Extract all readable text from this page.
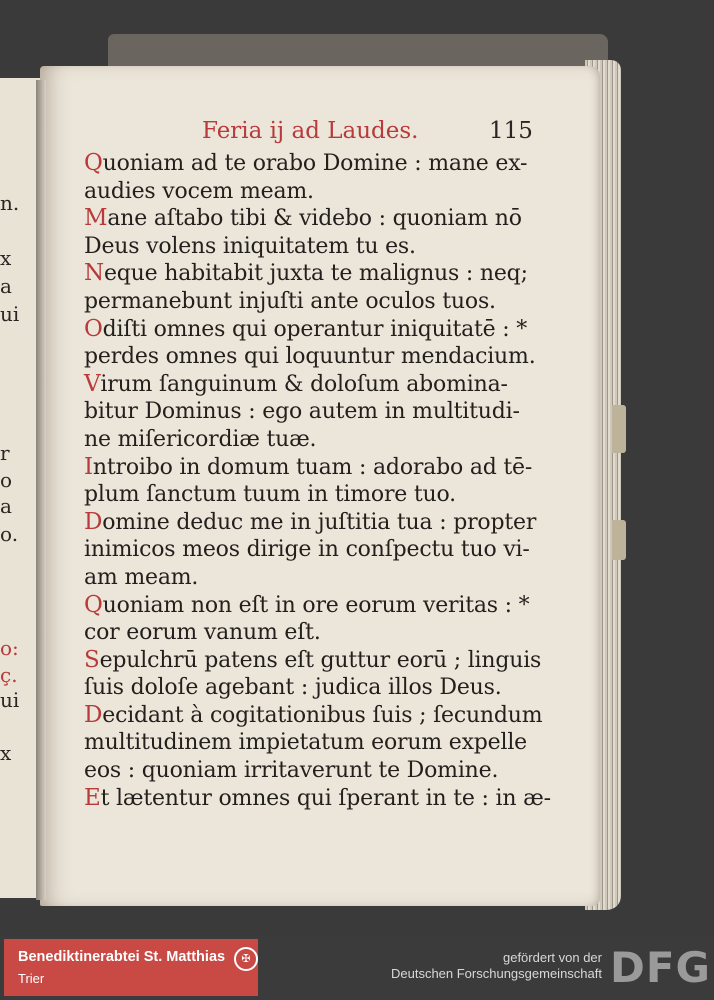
n.
x
a
ui
r
o
a
o.
o:
ç.
ui
x
Feria ij ad Laudes.	115
Quoniam ad te orabo Domine : mane ex-
audies vocem meam.
Mane aſtabo tibi & videbo : quoniam nō
Deus volens iniquitatem tu es.
Neque habitabit juxta te malignus : neq;
permanebunt injuſti ante oculos tuos.
Odiſti omnes qui operantur iniquitatē : *
perdes omnes qui loquuntur mendacium.
Virum ſanguinum & doloſum abomina-
bitur Dominus : ego autem in multitudi-
ne miſericordiæ tuæ.
Introibo in domum tuam : adorabo ad tē-
plum ſanctum tuum in timore tuo.
Domine deduc me in juſtitia tua : propter
inimicos meos dirige in conſpectu tuo vi-
am meam.
Quoniam non eſt in ore eorum veritas : *
cor eorum vanum eſt.
Sepulchrū patens eſt guttur eorū ; linguis
ſuis doloſe agebant : judica illos Deus.
Decidant à cogitationibus ſuis ; ſecundum
multitudinem impietatum eorum expelle
eos : quoniam irritaverunt te Domine.
Et lætentur omnes qui ſperant in te : in æ-
Benediktinerabtei St. Matthias
Trier
✠	gefördert von der
Deutschen Forschungsgemeinschaft DFG
